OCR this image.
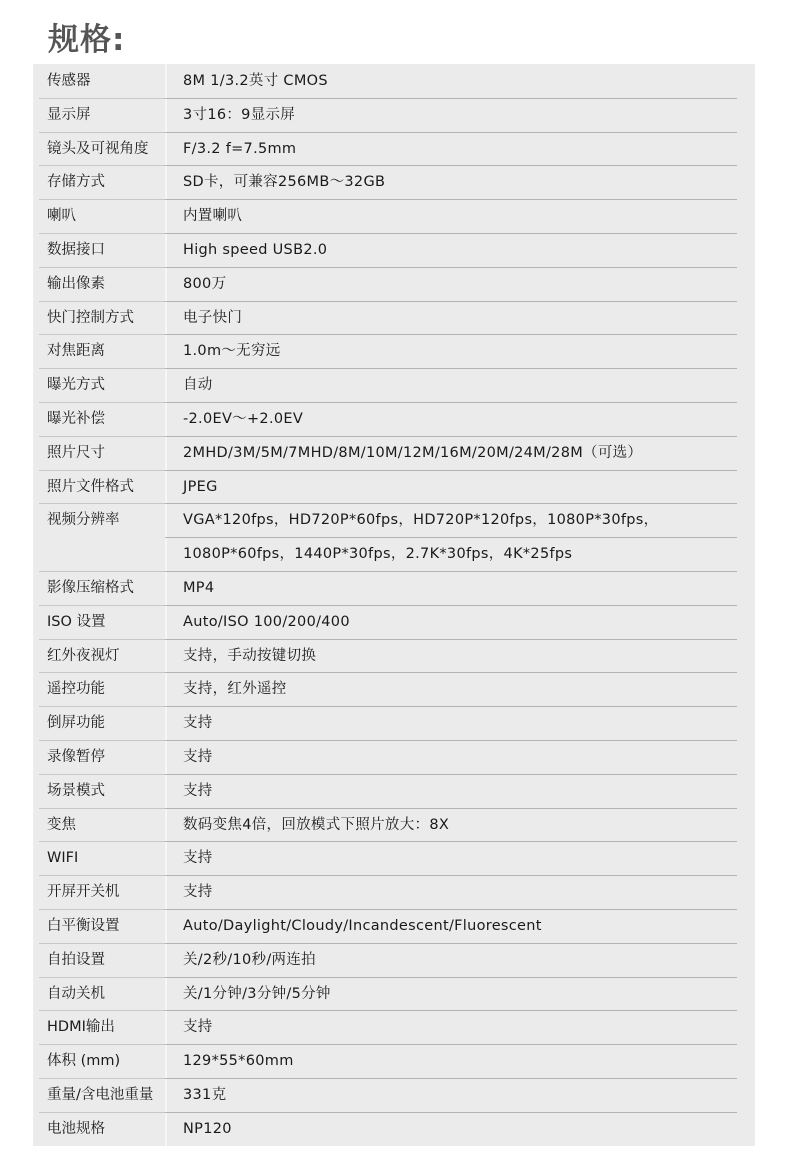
规格:
传感器	8M 1/3.2英寸 CMOS
显示屏	3寸16：9显示屏
镜头及可视角度 F/3.2 f=7.5mm
存储方式	SD卡，可兼容256MB～32GB
喇叭	内置喇叭
数据接口	High speed USB2.0
输出像素	800万
快门控制方式	电子快门
对焦距离	1.0m～无穷远
曝光方式	自动
曝光补偿	-2.0EV～+2.0EV
照片尺寸	2MHD/3M/5M/7MHD/8M/10M/12M/16M/20M/24M/28M（可选）
照片文件格式	JPEG
视频分辨率	VGA*120fps，HD720P*60fps，HD720P*120fps，1080P*30fps，
1080P*60fps，1440P*30fps，2.7K*30fps，4K*25fps
影像压缩格式	MP4
ISO 设置	Auto/ISO 100/200/400
红外夜视灯	支持，手动按键切换
遥控功能	支持，红外遥控
倒屏功能	支持
录像暂停	支持
场景模式	支持
变焦	数码变焦4倍，回放模式下照片放大：8X
WIFI	支持
开屏开关机	支持
白平衡设置	Auto/Daylight/Cloudy/Incandescent/Fluorescent
自拍设置	关/2秒/10秒/两连拍
自动关机	关/1分钟/3分钟/5分钟
HDMI输出	支持
体积 (mm)	129*55*60mm
重量/含电池重量 331克
电池规格	NP120
